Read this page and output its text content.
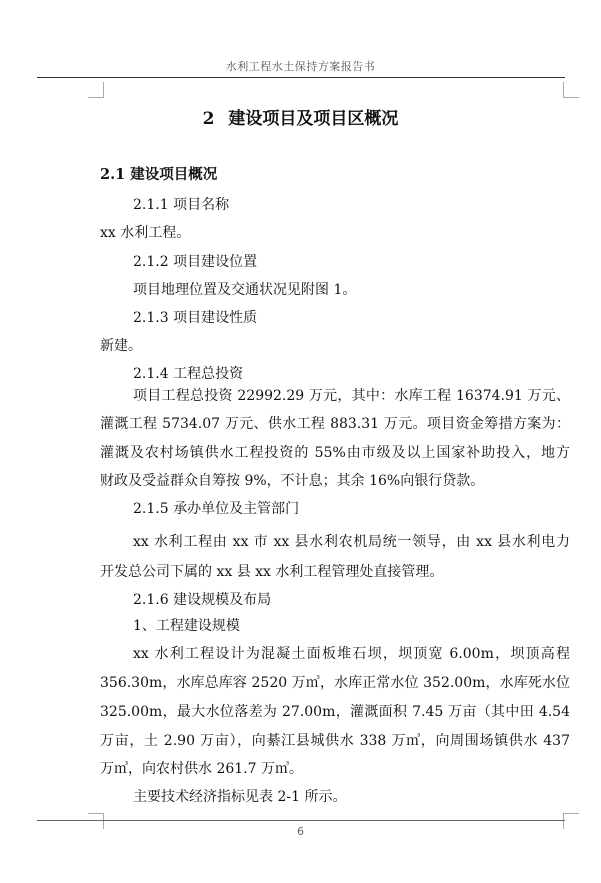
水利工程水土保持方案报告书
2 建设项目及项目区概况
2.1 建设项目概况
2.1.1 项目名称
xx 水利工程。
2.1.2 项目建设位置
项目地理位置及交通状况见附图 1。
2.1.3 项目建设性质
新建。
2.1.4 工程总投资
项目工程总投资 22992.29 万元，其中：水库工程 16374.91 万元、
灌溉工程 5734.07 万元、供水工程 883.31 万元。项目资金筹措方案为：
灌溉及农村场镇供水工程投资的 55%由市级及以上国家补助投入，地方
财政及受益群众自筹按 9%，不计息；其余 16%向银行贷款。
2.1.5 承办单位及主管部门
xx 水利工程由 xx 市 xx 县水利农机局统一领导，由 xx 县水利电力
开发总公司下属的 xx 县 xx 水利工程管理处直接管理。
2.1.6 建设规模及布局
1、工程建设规模
xx 水利工程设计为混凝土面板堆石坝，坝顶宽 6.00m，坝顶高程
356.30m，水库总库容 2520 万㎥，水库正常水位 352.00m，水库死水位
325.00m，最大水位落差为 27.00m，灌溉面积 7.45 万亩（其中田 4.54
万亩，土 2.90 万亩），向綦江县城供水 338 万㎥，向周围场镇供水 437
万㎥，向农村供水 261.7 万㎥。
主要技术经济指标见表 2-1 所示。
6
